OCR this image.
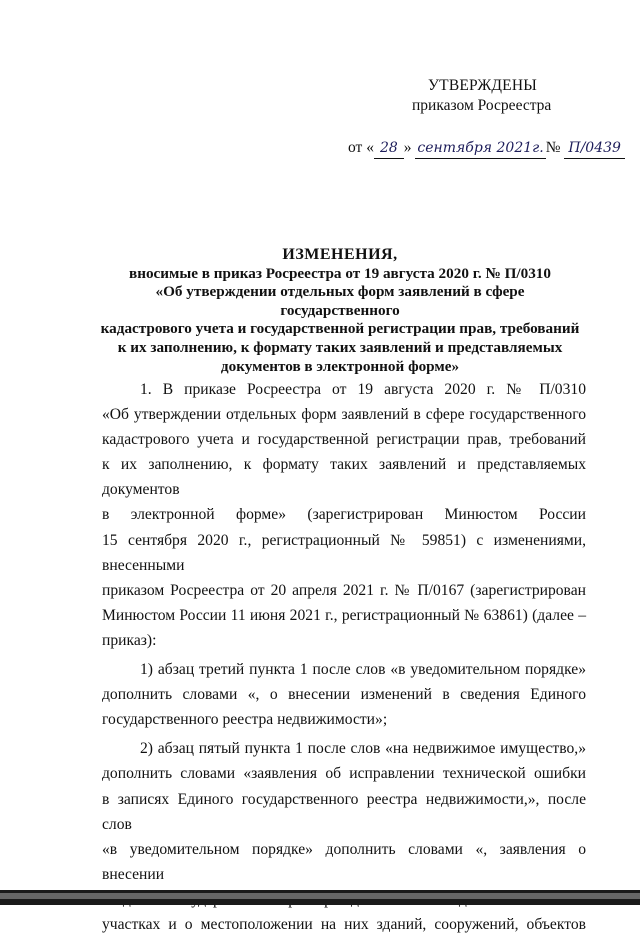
УТВЕРЖДЕНЫ
приказом Росреестра
от « 28 » сентября 2021г. № П/0439
ИЗМЕНЕНИЯ,
вносимые в приказ Росреестра от 19 августа 2020 г. № П/0310
«Об утверждении отдельных форм заявлений в сфере государственного
кадастрового учета и государственной регистрации прав, требований
к их заполнению, к формату таких заявлений и представляемых
документов в электронной форме»

1. В приказе Росреестра от 19 августа 2020 г. № П/0310
«Об утверждении отдельных форм заявлений в сфере государственного
кадастрового учета и государственной регистрации прав, требований
к их заполнению, к формату таких заявлений и представляемых документов
в электронной форме» (зарегистрирован Минюстом России
15 сентября 2020 г., регистрационный № 59851) с изменениями, внесенными
приказом Росреестра от 20 апреля 2021 г. № П/0167 (зарегистрирован
Минюстом России 11 июня 2021 г., регистрационный № 63861) (далее –
приказ):

1) абзац третий пункта 1 после слов «в уведомительном порядке»
дополнить словами «, о внесении изменений в сведения Единого
государственного реестра недвижимости»;

2) абзац пятый пункта 1 после слов «на недвижимое имущество,»
дополнить словами «заявления об исправлении технической ошибки
в записях Единого государственного реестра недвижимости,», после слов
«в уведомительном порядке» дополнить словами «, заявления о внесении
участках и о местоположении на них зданий, сооружений, объектов
